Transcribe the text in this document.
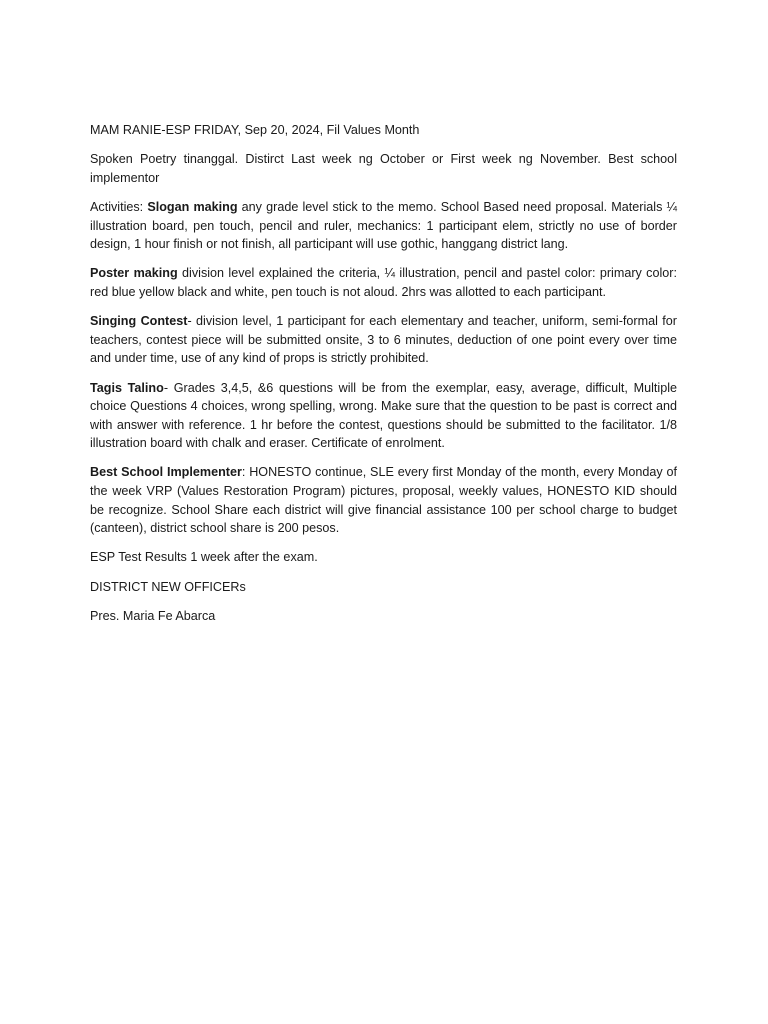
MAM RANIE-ESP FRIDAY, Sep 20, 2024, Fil Values Month

Spoken Poetry tinanggal. Distirct Last week ng October or First week ng November. Best school implementor

Activities: Slogan making any grade level stick to the memo. School Based need proposal. Materials ¼ illustration board, pen touch, pencil and ruler, mechanics: 1 participant elem, strictly no use of border design, 1 hour finish or not finish, all participant will use gothic, hanggang district lang.

Poster making division level explained the criteria, ¼ illustration, pencil and pastel color: primary color: red blue yellow black and white, pen touch is not aloud. 2hrs was allotted to each participant.

Singing Contest- division level, 1 participant for each elementary and teacher, uniform, semi-formal for teachers, contest piece will be submitted onsite, 3 to 6 minutes, deduction of one point every over time and under time, use of any kind of props is strictly prohibited.

Tagis Talino- Grades 3,4,5, &6 questions will be from the exemplar, easy, average, difficult, Multiple choice Questions 4 choices, wrong spelling, wrong. Make sure that the question to be past is correct and with answer with reference. 1 hr before the contest, questions should be submitted to the facilitator. 1/8 illustration board with chalk and eraser. Certificate of enrolment.

Best School Implementer: HONESTO continue, SLE every first Monday of the month, every Monday of the week VRP (Values Restoration Program) pictures, proposal, weekly values, HONESTO KID should be recognize. School Share each district will give financial assistance 100 per school charge to budget (canteen), district school share is 200 pesos.

ESP Test Results 1 week after the exam.

DISTRICT NEW OFFICERs

Pres. Maria Fe Abarca
